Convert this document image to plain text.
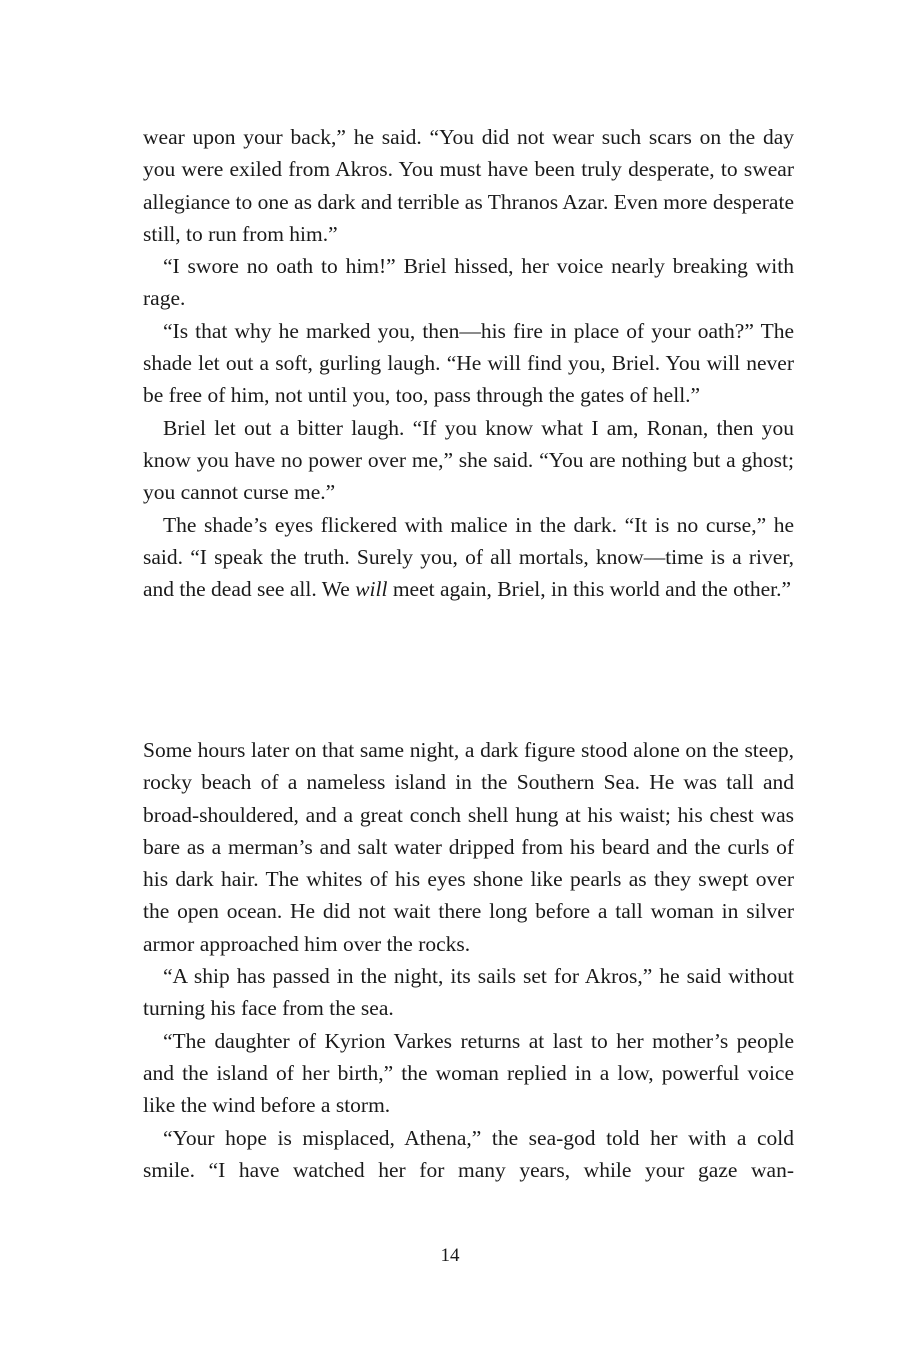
wear upon your back,” he said. “You did not wear such scars on the day you were exiled from Akros. You must have been truly desperate, to swear allegiance to one as dark and terrible as Thranos Azar. Even more desperate still, to run from him.”

“I swore no oath to him!” Briel hissed, her voice nearly breaking with rage.

“Is that why he marked you, then—his fire in place of your oath?” The shade let out a soft, gurling laugh. “He will find you, Briel. You will never be free of him, not until you, too, pass through the gates of hell.”

Briel let out a bitter laugh. “If you know what I am, Ronan, then you know you have no power over me,” she said. “You are nothing but a ghost; you cannot curse me.”

The shade’s eyes flickered with malice in the dark. “It is no curse,” he said. “I speak the truth. Surely you, of all mortals, know—time is a river, and the dead see all. We will meet again, Briel, in this world and the other.”

Some hours later on that same night, a dark figure stood alone on the steep, rocky beach of a nameless island in the Southern Sea. He was tall and broad-shouldered, and a great conch shell hung at his waist; his chest was bare as a merman’s and salt water dripped from his beard and the curls of his dark hair. The whites of his eyes shone like pearls as they swept over the open ocean. He did not wait there long before a tall woman in silver armor approached him over the rocks.

“A ship has passed in the night, its sails set for Akros,” he said without turning his face from the sea.

“The daughter of Kyrion Varkes returns at last to her mother’s people and the island of her birth,” the woman replied in a low, powerful voice like the wind before a storm.

“Your hope is misplaced, Athena,” the sea-god told her with a cold smile. “I have watched her for many years, while your gaze wan-

14
